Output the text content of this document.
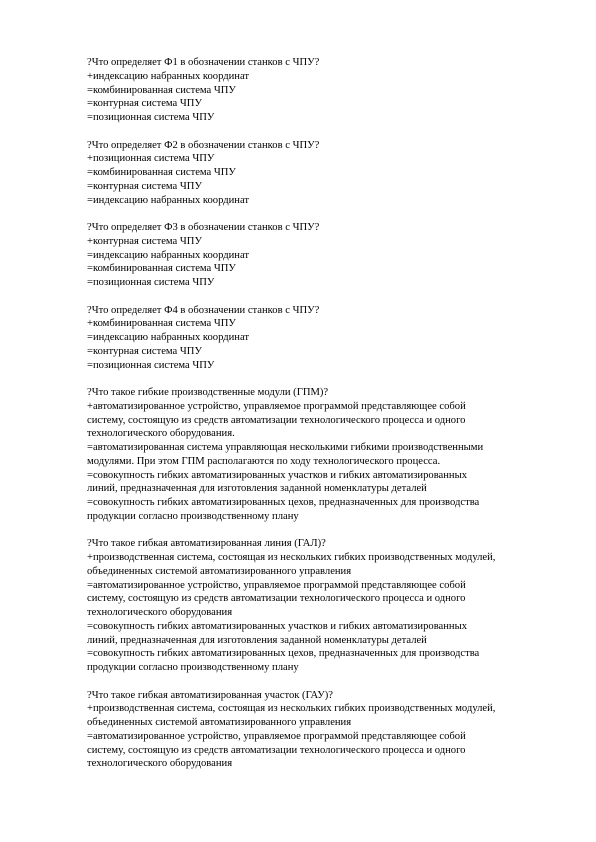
?Что определяет Ф1 в обозначении станков с ЧПУ?
+индексацию набранных координат
=комбинированная система ЧПУ
=контурная система ЧПУ
=позиционная система ЧПУ
?Что определяет Ф2 в обозначении станков с ЧПУ?
+позиционная система ЧПУ
=комбинированная система ЧПУ
=контурная система ЧПУ
=индексацию набранных координат
?Что определяет Ф3 в обозначении станков с ЧПУ?
+контурная система ЧПУ
=индексацию набранных координат
=комбинированная система ЧПУ
=позиционная система ЧПУ
?Что определяет Ф4 в обозначении станков с ЧПУ?
+комбинированная система ЧПУ
=индексацию набранных координат
=контурная система ЧПУ
=позиционная система ЧПУ
?Что такое гибкие производственные модули (ГПМ)?
+автоматизированное устройство, управляемое программой представляющее собой
системy, состоящую из средств автоматизации технологического процесса и одного
технологического оборудования.
=автоматизированная система управляющая несколькими гибкими производственными
модулями. При этом ГПМ располагаются по ходу технологического процесса.
=совокупность гибких автоматизированных участков и гибких автоматизированных
линий, предназначенная для изготовления заданной номенклатуры деталей
=совокупность гибких автоматизированных цехов, предназначенных для производства
продукции согласно производственному плану
?Что такое гибкая автоматизированная линия (ГАЛ)?
+производственная система, состоящая из нескольких гибких производственных модулей,
объединенных системой автоматизированного управления
=автоматизированное устройство, управляемое программой представляющее собой
системy, состоящую из средств автоматизации технологического процесса и одного
технологического оборудования
=совокупность гибких автоматизированных участков и гибких автоматизированных
линий, предназначенная для изготовления заданной номенклатуры деталей
=совокупность гибких автоматизированных цехов, предназначенных для производства
продукции согласно производственному плану
?Что такое гибкая автоматизированная участок (ГАУ)?
+производственная система, состоящая из нескольких гибких производственных модулей,
объединенных системой автоматизированного управления
=автоматизированное устройство, управляемое программой представляющее собой
системy, состоящую из средств автоматизации технологического процесса и одного
технологического оборудования
